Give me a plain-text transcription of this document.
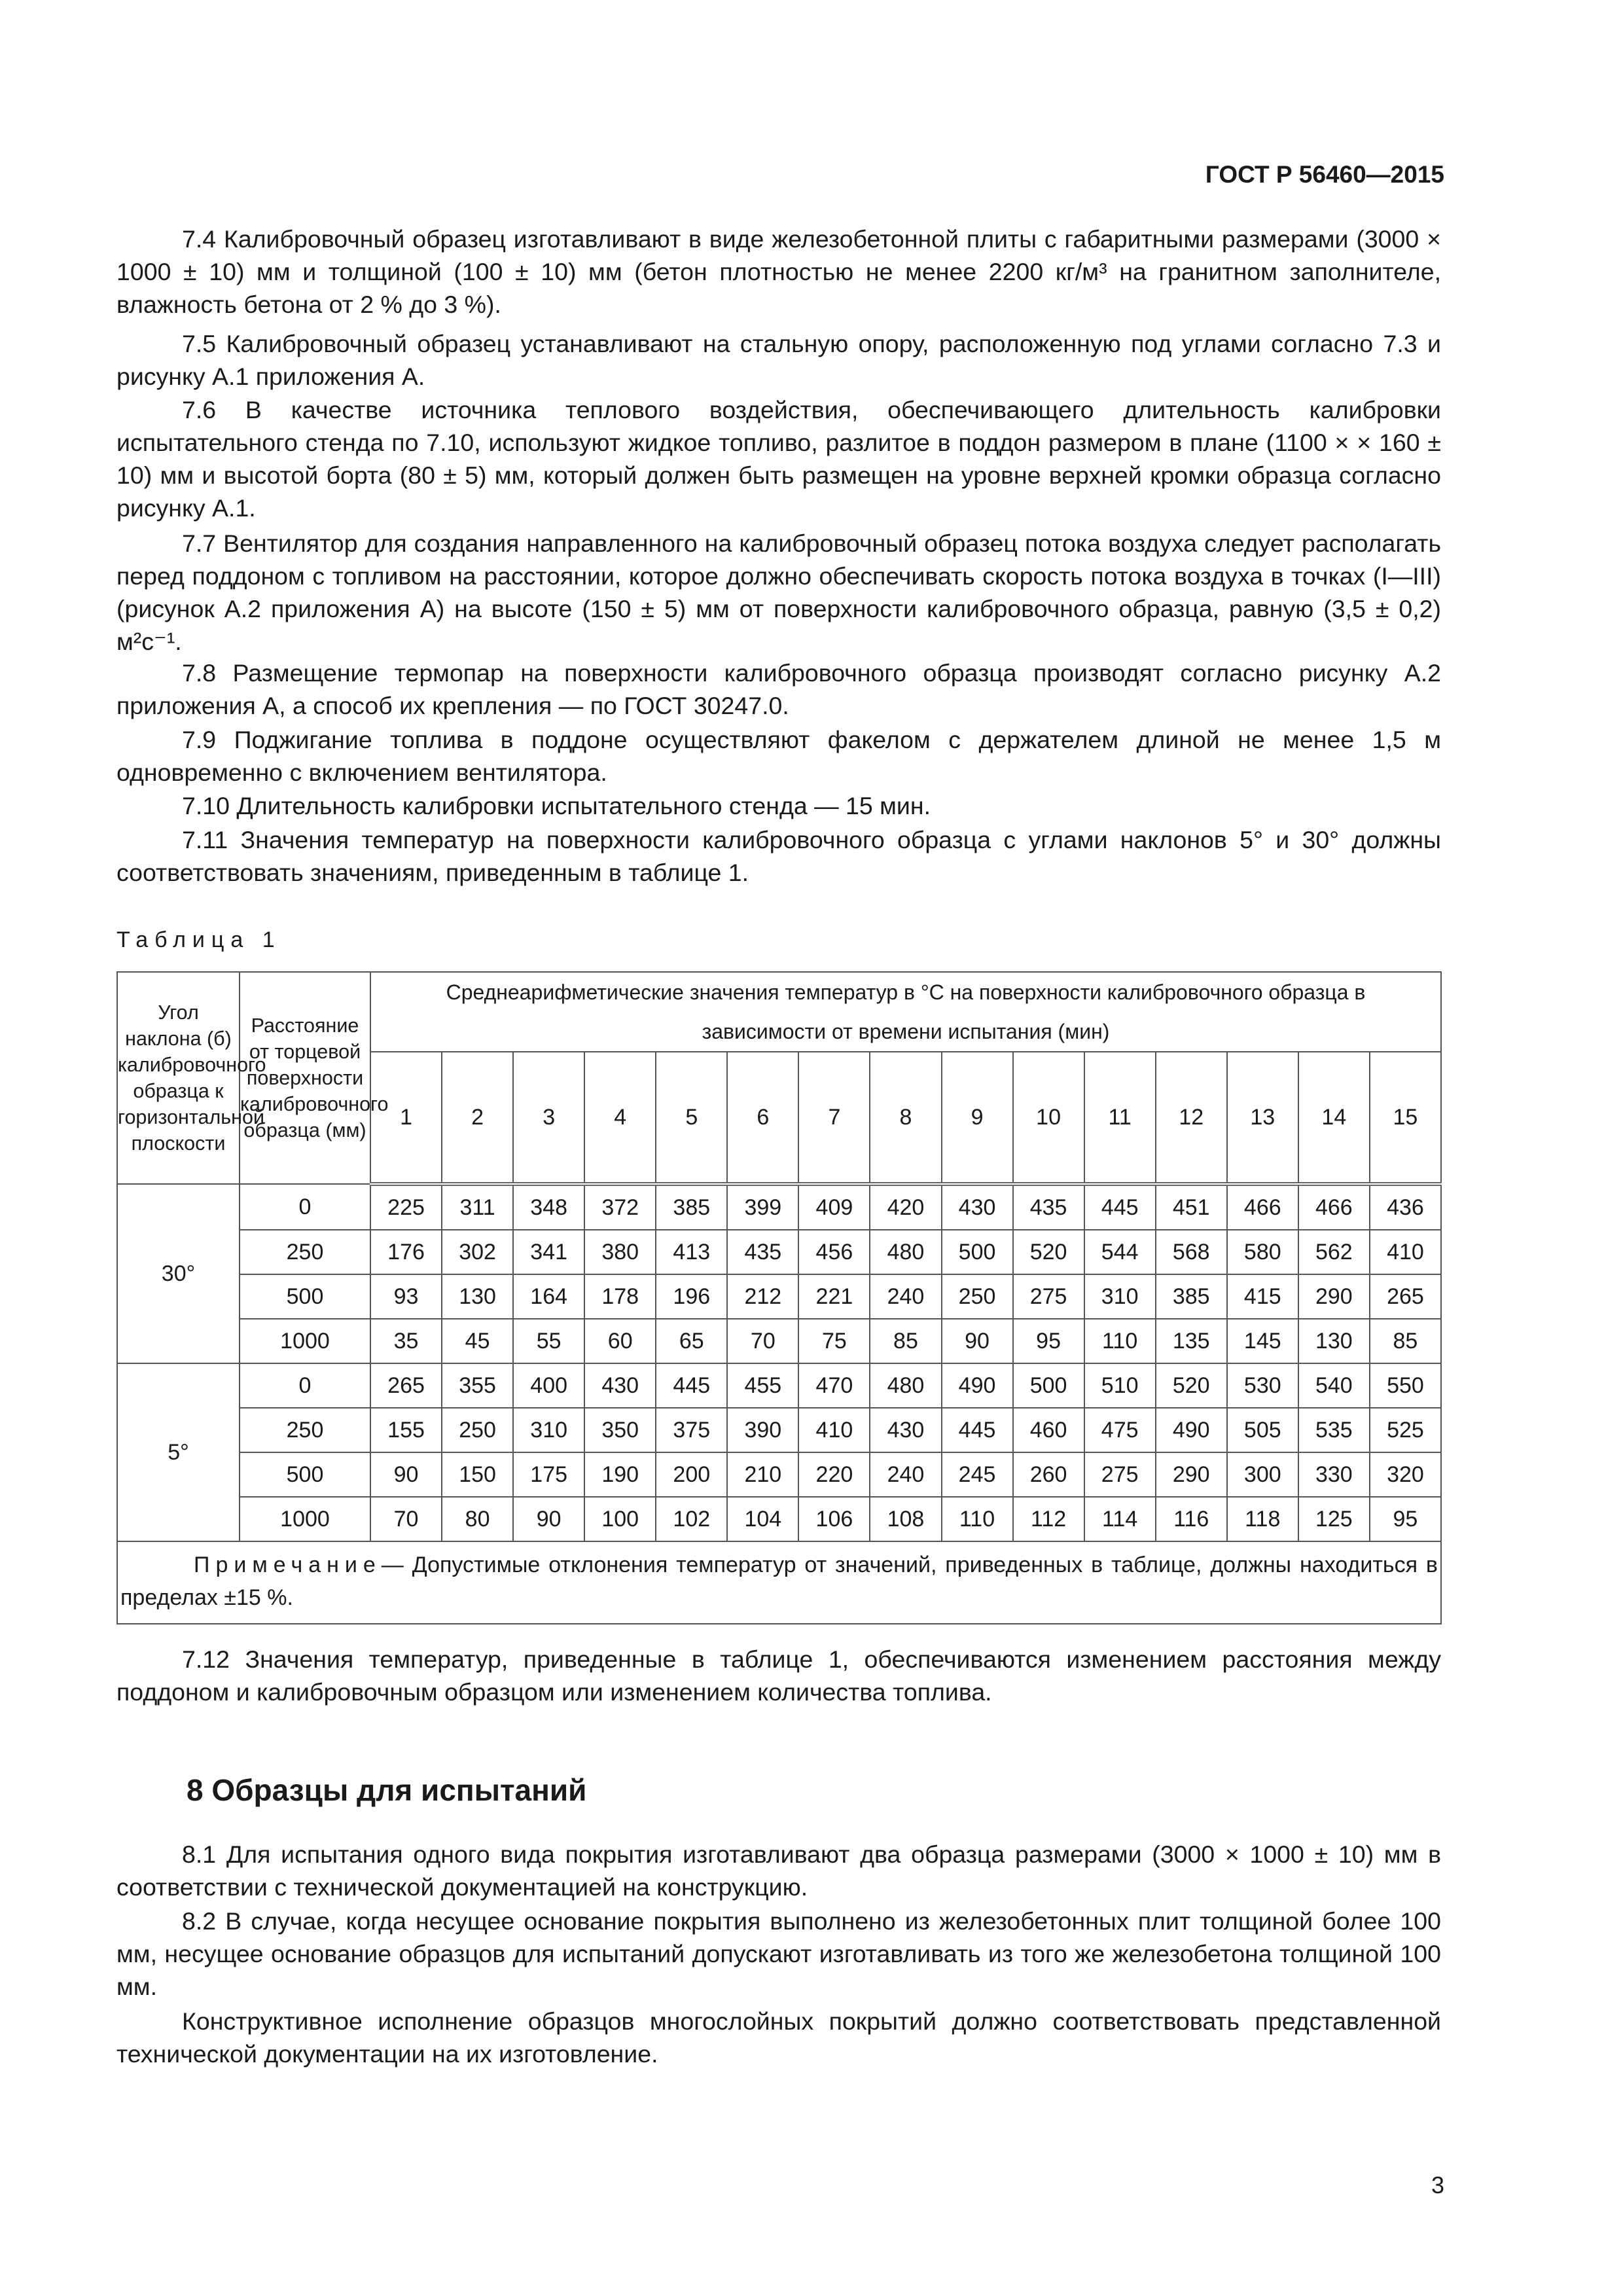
ГОСТ Р 56460—2015

7.4 Калибровочный образец изготавливают в виде железобетонной плиты с габаритными размерами (3000 × 1000 ± 10) мм и толщиной (100 ± 10) мм (бетон плотностью не менее 2200 кг/м³ на гранитном заполнителе, влажность бетона от 2 % до 3 %).

7.5 Калибровочный образец устанавливают на стальную опору, расположенную под углами согласно 7.3 и рисунку А.1 приложения А.

7.6 В качестве источника теплового воздействия, обеспечивающего длительность калибровки испытательного стенда по 7.10, используют жидкое топливо, разлитое в поддон размером в плане (1100 × × 160 ± 10) мм и высотой борта (80 ± 5) мм, который должен быть размещен на уровне верхней кромки образца согласно рисунку А.1.

7.7 Вентилятор для создания направленного на калибровочный образец потока воздуха следует располагать перед поддоном с топливом на расстоянии, которое должно обеспечивать скорость потока воздуха в точках (I—III) (рисунок А.2 приложения А) на высоте (150 ± 5) мм от поверхности калибровочного образца, равную (3,5 ± 0,2) м²с⁻¹.

7.8 Размещение термопар на поверхности калибровочного образца производят согласно рисунку А.2 приложения А, а способ их крепления — по ГОСТ 30247.0.

7.9 Поджигание топлива в поддоне осуществляют факелом с держателем длиной не менее 1,5 м одновременно с включением вентилятора.

7.10 Длительность калибровки испытательного стенда — 15 мин.

7.11 Значения температур на поверхности калибровочного образца с углами наклонов 5° и 30° должны соответствовать значениям, приведенным в таблице 1.

Таблица 1
Угол наклона (б) калибровочного образца к горизонтальной плоскости	Расстояние от торцевой поверхности калибровочного образца (мм)	Среднеарифметические значения температур в °С на поверхности калибровочного образца в зависимости от времени испытания (мин)														
		1	2	3	4	5	6	7	8	9	10	11	12	13	14	15
30°	0	225	311	348	372	385	399	409	420	430	435	445	451	466	466	436
	250	176	302	341	380	413	435	456	480	500	520	544	568	580	562	410
	500	93	130	164	178	196	212	221	240	250	275	310	385	415	290	265
	1000	35	45	55	60	65	70	75	85	90	95	110	135	145	130	85
5°	0	265	355	400	430	445	455	470	480	490	500	510	520	530	540	550
	250	155	250	310	350	375	390	410	430	445	460	475	490	505	535	525
	500	90	150	175	190	200	210	220	240	245	260	275	290	300	330	320
	1000	70	80	90	100	102	104	106	108	110	112	114	116	118	125	95
Примечание— Допустимые отклонения температур от значений, приведенных в таблице, должны находиться в пределах ±15 %.																

7.12 Значения температур, приведенные в таблице 1, обеспечиваются изменением расстояния между поддоном и калибровочным образцом или изменением количества топлива.

8 Образцы для испытаний

8.1 Для испытания одного вида покрытия изготавливают два образца размерами (3000 × 1000 ± 10) мм в соответствии с технической документацией на конструкцию.

8.2 В случае, когда несущее основание покрытия выполнено из железобетонных плит толщиной более 100 мм, несущее основание образцов для испытаний допускают изготавливать из того же железобетона толщиной 100 мм.

Конструктивное исполнение образцов многослойных покрытий должно соответствовать представленной технической документации на их изготовление.

3
